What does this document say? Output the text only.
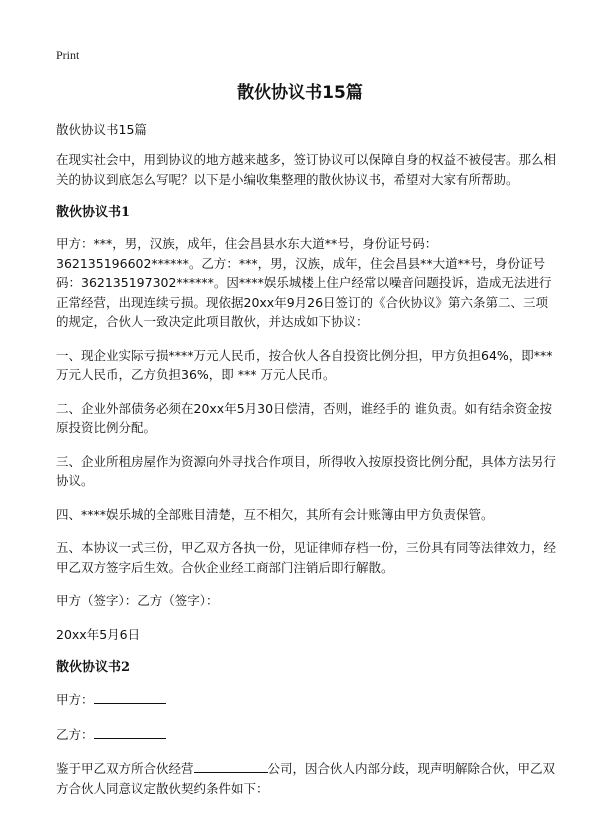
Print
散伙协议书15篇
散伙协议书15篇

在现实社会中，用到协议的地方越来越多，签订协议可以保障自身的权益不被侵害。那么相关的协议到底怎么写呢？以下是小编收集整理的散伙协议书，希望对大家有所帮助。

散伙协议书1

甲方：***，男，汉族，成年，住会昌县水东大道**号，身份证号码：362135196602******。乙方：***，男，汉族，成年，住会昌县**大道**号，身份证号码：362135197302******。因****娱乐城楼上住户经常以噪音问题投诉，造成无法进行正常经营，出现连续亏损。现依据20xx年9月26日签订的《合伙协议》第六条第二、三项的规定，合伙人一致决定此项目散伙，并达成如下协议：

一、现企业实际亏损****万元人民币，按合伙人各自投资比例分担，甲方负担64%，即***万元人民币，乙方负担36%，即 *** 万元人民币。

二、企业外部债务必须在20xx年5月30日偿清，否则，谁经手的 谁负责。如有结余资金按原投资比例分配。

三、企业所租房屋作为资源向外寻找合作项目，所得收入按原投资比例分配，具体方法另行协议。

四、****娱乐城的全部账目清楚，互不相欠，其所有会计账簿由甲方负责保管。

五、本协议一式三份，甲乙双方各执一份，见证律师存档一份，三份具有同等法律效力，经甲乙双方签字后生效。合伙企业经工商部门注销后即行解散。

甲方（签字）：乙方（签字）：

20xx年5月6日

散伙协议书2

甲方：

乙方：

鉴于甲乙双方所合伙经营	公司，因合伙人内部分歧，现声明解除合伙，甲乙双方合伙人同意议定散伙契约条件如下：
